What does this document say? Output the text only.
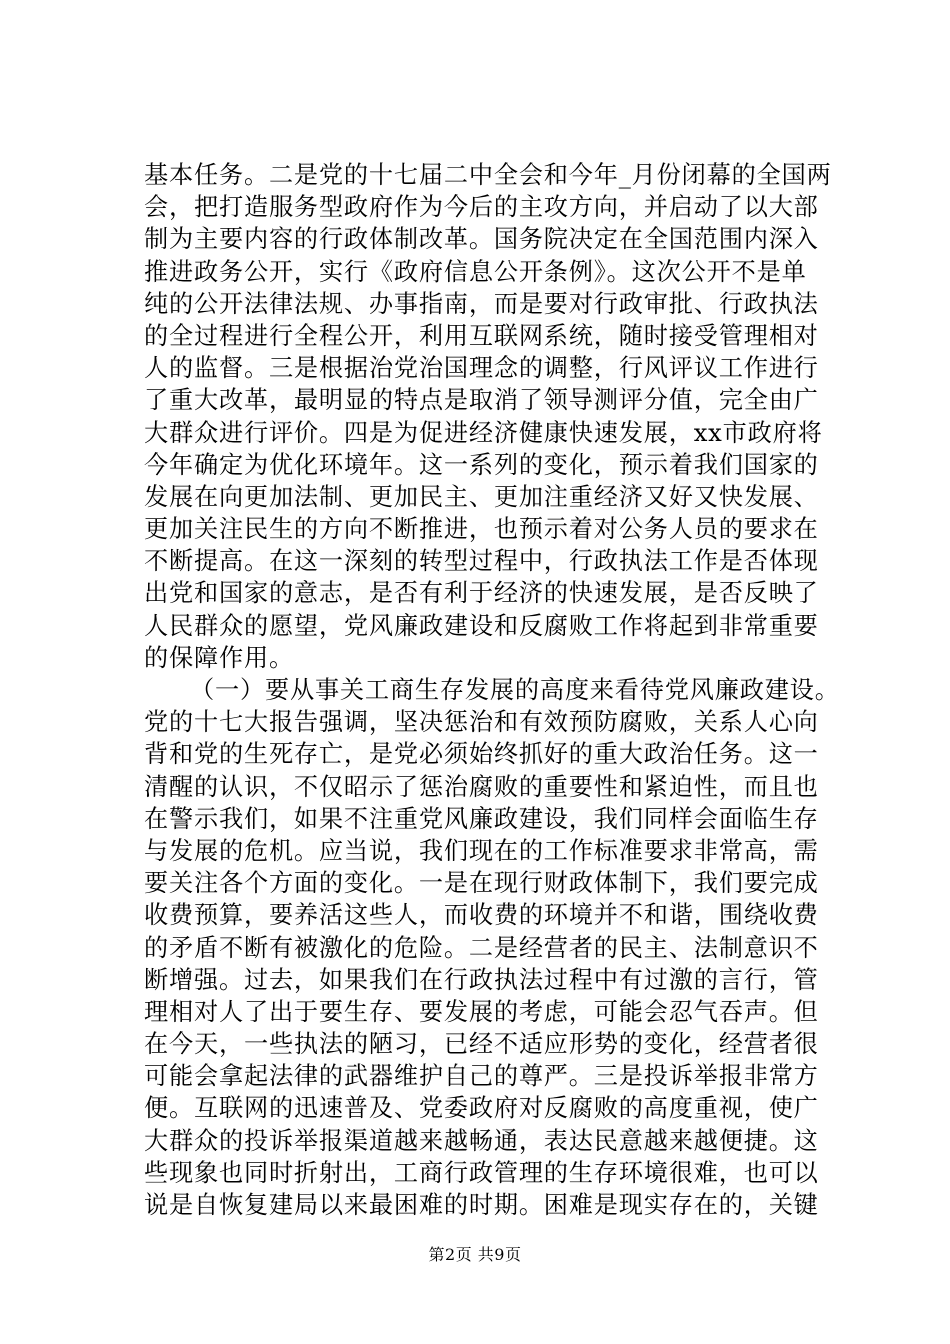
基本任务。二是党的十七届二中全会和今年_月份闭幕的全国两
会，把打造服务型政府作为今后的主攻方向，并启动了以大部
制为主要内容的行政体制改革。国务院决定在全国范围内深入
推进政务公开，实行《政府信息公开条例》。这次公开不是单
纯的公开法律法规、办事指南，而是要对行政审批、行政执法
的全过程进行全程公开，利用互联网系统，随时接受管理相对
人的监督。三是根据治党治国理念的调整，行风评议工作进行
了重大改革，最明显的特点是取消了领导测评分值，完全由广
大群众进行评价。四是为促进经济健康快速发展，xx市政府将
今年确定为优化环境年。这一系列的变化，预示着我们国家的
发展在向更加法制、更加民主、更加注重经济又好又快发展、
更加关注民生的方向不断推进，也预示着对公务人员的要求在
不断提高。在这一深刻的转型过程中，行政执法工作是否体现
出党和国家的意志，是否有利于经济的快速发展，是否反映了
人民群众的愿望，党风廉政建设和反腐败工作将起到非常重要
的保障作用。
（一）要从事关工商生存发展的高度来看待党风廉政建设。
党的十七大报告强调，坚决惩治和有效预防腐败，关系人心向
背和党的生死存亡，是党必须始终抓好的重大政治任务。这一
清醒的认识，不仅昭示了惩治腐败的重要性和紧迫性，而且也
在警示我们，如果不注重党风廉政建设，我们同样会面临生存
与发展的危机。应当说，我们现在的工作标准要求非常高，需
要关注各个方面的变化。一是在现行财政体制下，我们要完成
收费预算，要养活这些人，而收费的环境并不和谐，围绕收费
的矛盾不断有被激化的危险。二是经营者的民主、法制意识不
断增强。过去，如果我们在行政执法过程中有过激的言行，管
理相对人了出于要生存、要发展的考虑，可能会忍气吞声。但
在今天，一些执法的陋习，已经不适应形势的变化，经营者很
可能会拿起法律的武器维护自己的尊严。三是投诉举报非常方
便。互联网的迅速普及、党委政府对反腐败的高度重视，使广
大群众的投诉举报渠道越来越畅通，表达民意越来越便捷。这
些现象也同时折射出，工商行政管理的生存环境很难，也可以
说是自恢复建局以来最困难的时期。困难是现实存在的，关键
第2页 共9页
